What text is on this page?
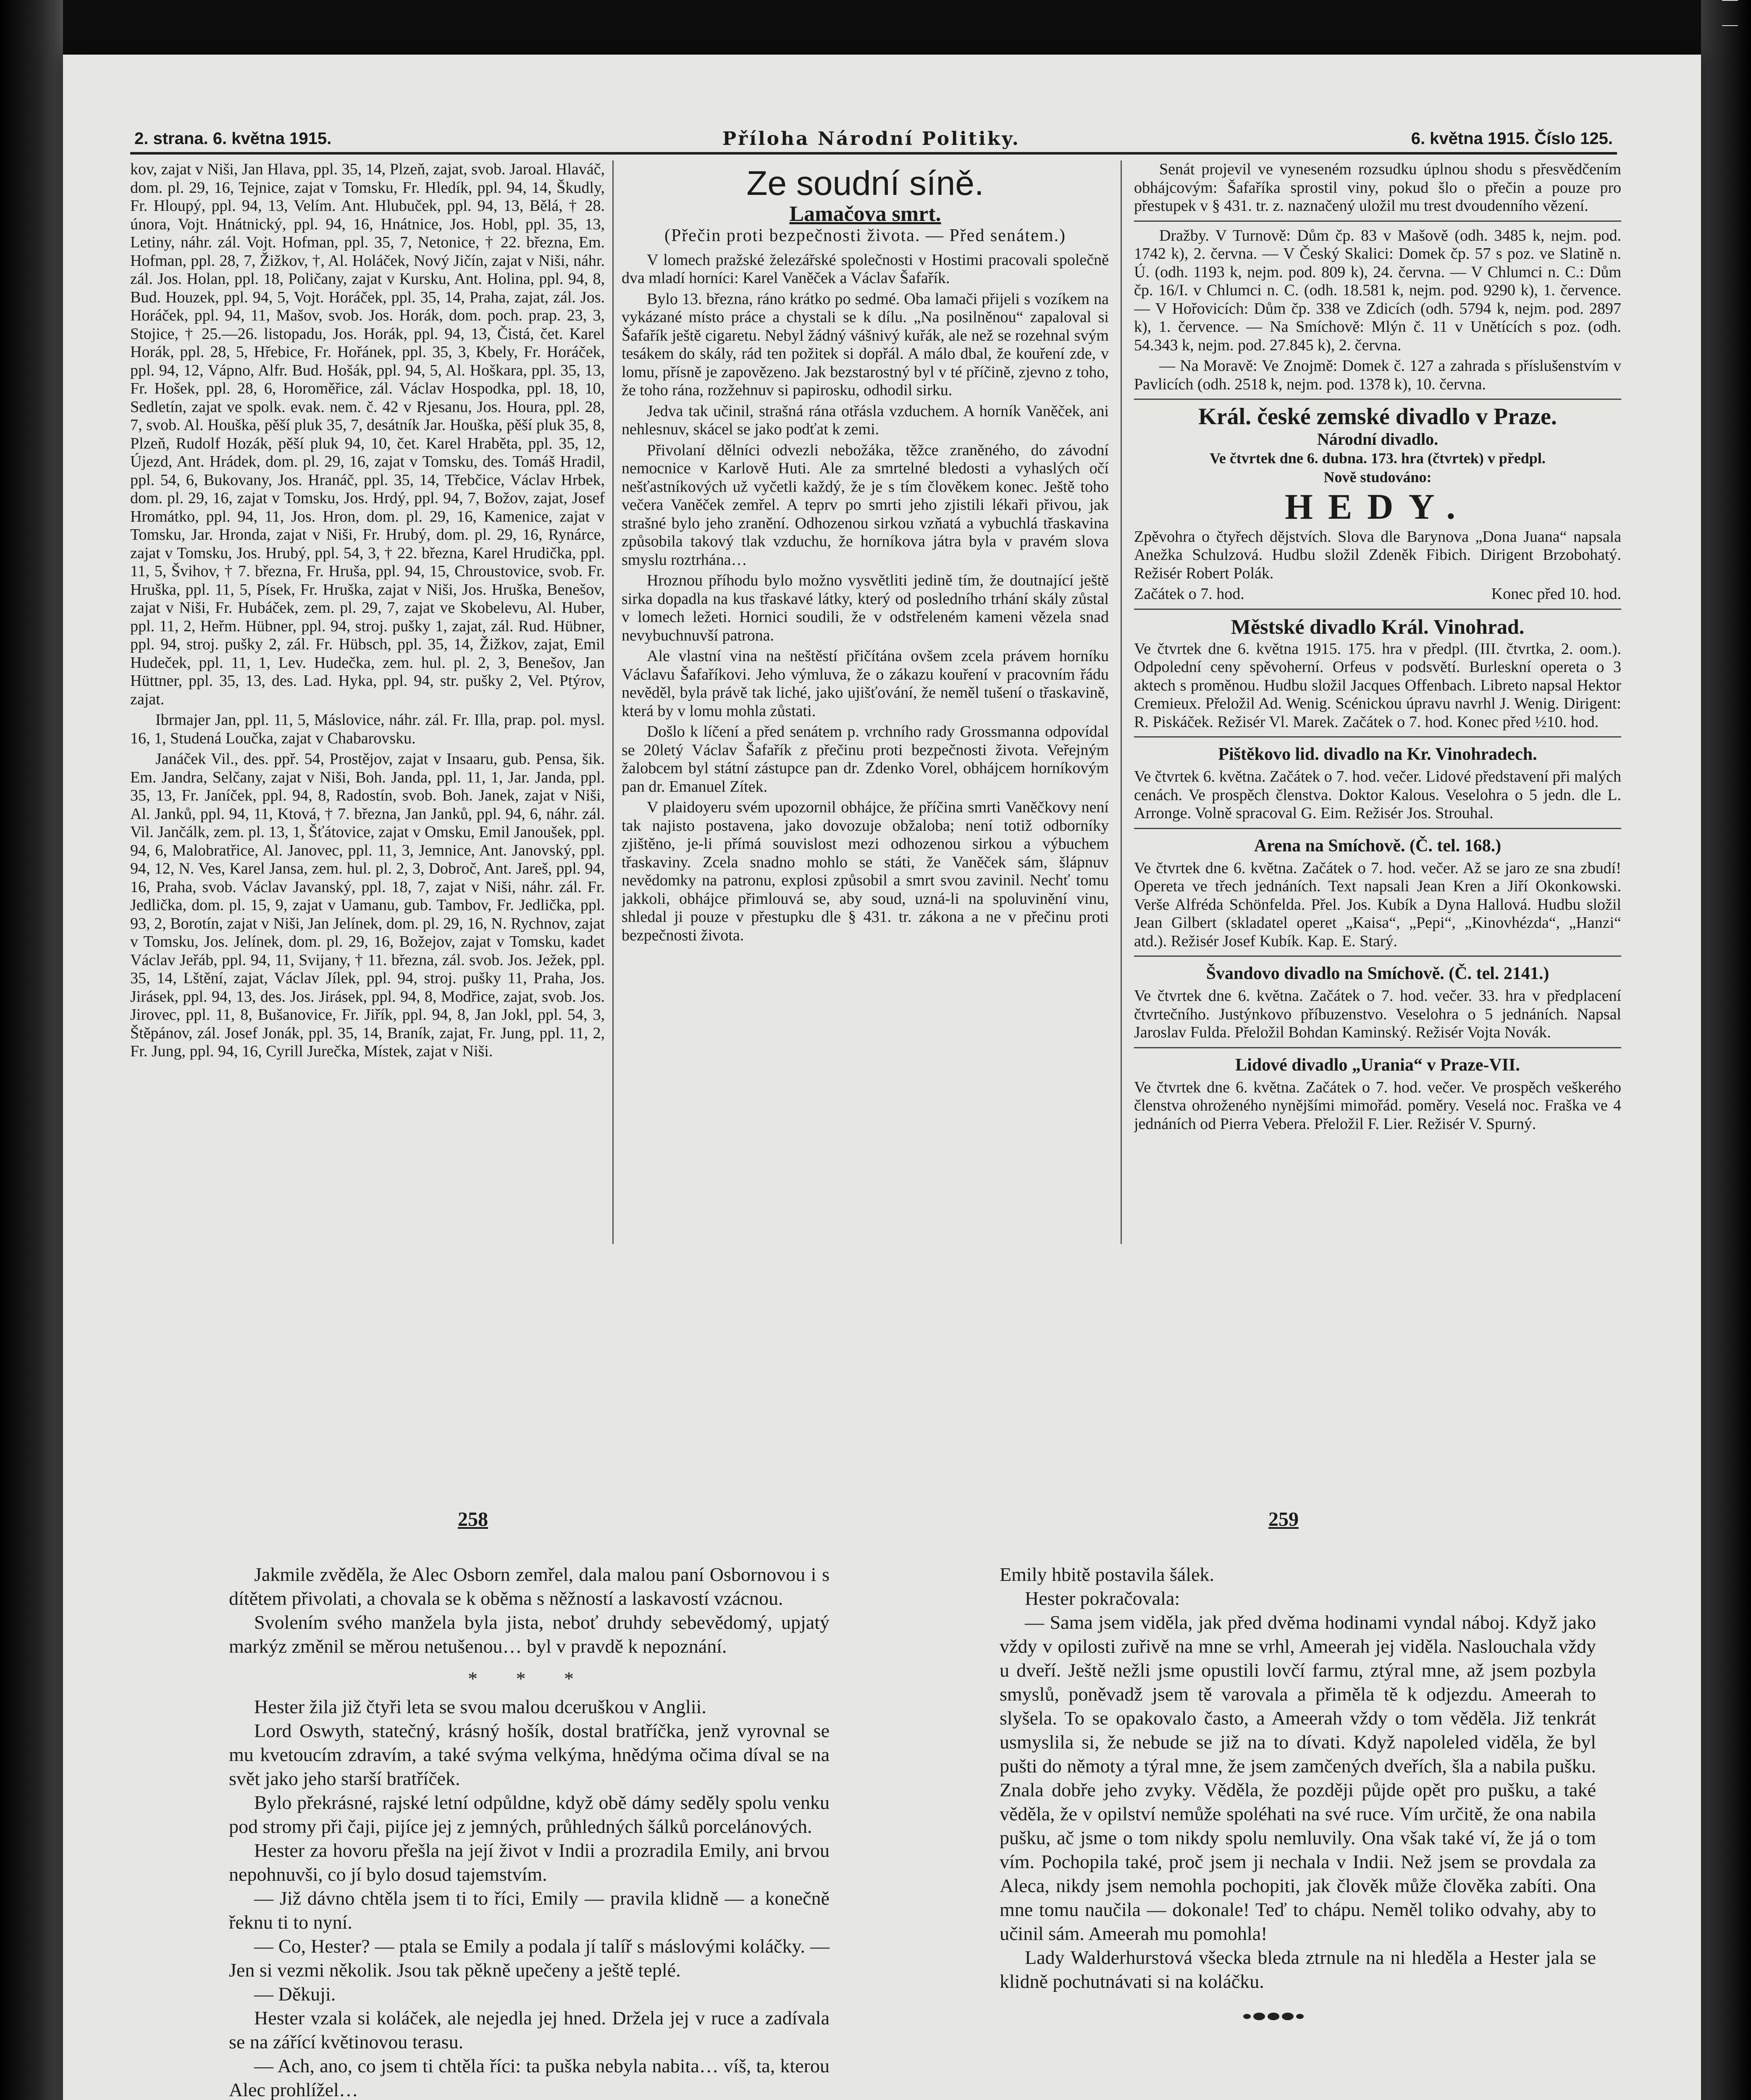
2. strana. 6. května 1915.	Příloha Národní Politiky.	6. května 1915. Číslo 125.

kov, zajat v Niši, Jan Hlava, ppl. 35, 14, Plzeň, zajat, svob. Jaroal. Hlaváč, dom. pl. 29, 16, Tejnice, zajat v Tomsku, Fr. Hledík, ppl. 94, 14, Škudly, Fr. Hloupý, ppl. 94, 13, Velím. Ant. Hlubuček, ppl. 94, 13, Bělá, † 28. února, Vojt. Hnátnický, ppl. 94, 16, Hnátnice, Jos. Hobl, ppl. 35, 13, Letiny, náhr. zál. Vojt. Hofman, ppl. 35, 7, Netonice, † 22. března, Em. Hofman, ppl. 28, 7, Žižkov, †, Al. Holáček, Nový Jičín, zajat v Niši, náhr. zál. Jos. Holan, ppl. 18, Poličany, zajat v Kursku, Ant. Holina, ppl. 94, 8, Bud. Houzek, ppl. 94, 5, Vojt. Horáček, ppl. 35, 14, Praha, zajat, zál. Jos. Horáček, ppl. 94, 11, Mašov, svob. Jos. Horák, dom. poch. prap. 23, 3, Stojice, † 25.—26. listopadu, Jos. Horák, ppl. 94, 13, Čistá, čet. Karel Horák, ppl. 28, 5, Hřebice, Fr. Hořánek, ppl. 35, 3, Kbely, Fr. Horáček, ppl. 94, 12, Vápno, Alfr. Bud. Hošák, ppl. 94, 5, Al. Hoškara, ppl. 35, 13, Fr. Hošek, ppl. 28, 6, Horoměřice, zál. Václav Hospodka, ppl. 18, 10, Sedletín, zajat ve spolk. evak. nem. č. 42 v Rjesanu, Jos. Houra, ppl. 28, 7, svob. Al. Houška, pěší pluk 35, 7, desátník Jar. Houška, pěší pluk 35, 8, Plzeň, Rudolf Hozák, pěší pluk 94, 10, čet. Karel Hraběta, ppl. 35, 12, Újezd, Ant. Hrádek, dom. pl. 29, 16, zajat v Tomsku, des. Tomáš Hradil, ppl. 54, 6, Bukovany, Jos. Hranáč, ppl. 35, 14, Třebčice, Václav Hrbek, dom. pl. 29, 16, zajat v Tomsku, Jos. Hrdý, ppl. 94, 7, Božov, zajat, Josef Hromátko, ppl. 94, 11, Jos. Hron, dom. pl. 29, 16, Kamenice, zajat v Tomsku, Jar. Hronda, zajat v Niši, Fr. Hrubý, dom. pl. 29, 16, Rynárce, zajat v Tomsku, Jos. Hrubý, ppl. 54, 3, † 22. března, Karel Hrudička, ppl. 11, 5, Švihov, † 7. března, Fr. Hruša, ppl. 94, 15, Chroustovice, svob. Fr. Hruška, ppl. 11, 5, Písek, Fr. Hruška, zajat v Niši, Jos. Hruška, Benešov, zajat v Niši, Fr. Hubáček, zem. pl. 29, 7, zajat ve Skobelevu, Al. Huber, ppl. 11, 2, Heřm. Hübner, ppl. 94, stroj. pušky 1, zajat, zál. Rud. Hübner, ppl. 94, stroj. pušky 2, zál. Fr. Hübsch, ppl. 35, 14, Žižkov, zajat, Emil Hudeček, ppl. 11, 1, Lev. Hudečka, zem. hul. pl. 2, 3, Benešov, Jan Hüttner, ppl. 35, 13, des. Lad. Hyka, ppl. 94, str. pušky 2, Vel. Ptýrov, zajat.

Ibrmajer Jan, ppl. 11, 5, Máslovice, náhr. zál. Fr. Illa, prap. pol. mysl. 16, 1, Studená Loučka, zajat v Chabarovsku.

Janáček Vil., des. ppř. 54, Prostějov, zajat v Insaaru, gub. Pensa, šik. Em. Jandra, Selčany, zajat v Niši, Boh. Janda, ppl. 11, 1, Jar. Janda, ppl. 35, 13, Fr. Janíček, ppl. 94, 8, Radostín, svob. Boh. Janek, zajat v Niši, Al. Janků, ppl. 94, 11, Ktová, † 7. března, Jan Janků, ppl. 94, 6, náhr. zál. Vil. Jančálk, zem. pl. 13, 1, Šťátovice, zajat v Omsku, Emil Janoušek, ppl. 94, 6, Malobratřice, Al. Janovec, ppl. 11, 3, Jemnice, Ant. Janovský, ppl. 94, 12, N. Ves, Karel Jansa, zem. hul. pl. 2, 3, Dobroč, Ant. Jareš, ppl. 94, 16, Praha, svob. Václav Javanský, ppl. 18, 7, zajat v Niši, náhr. zál. Fr. Jedlička, dom. pl. 15, 9, zajat v Uamanu, gub. Tambov, Fr. Jedlička, ppl. 93, 2, Borotín, zajat v Niši, Jan Jelínek, dom. pl. 29, 16, N. Rychnov, zajat v Tomsku, Jos. Jelínek, dom. pl. 29, 16, Božejov, zajat v Tomsku, kadet Václav Jeřáb, ppl. 94, 11, Svijany, † 11. března, zál. svob. Jos. Ježek, ppl. 35, 14, Lštění, zajat, Václav Jílek, ppl. 94, stroj. pušky 11, Praha, Jos. Jirásek, ppl. 94, 13, des. Jos. Jirásek, ppl. 94, 8, Modřice, zajat, svob. Jos. Jirovec, ppl. 11, 8, Bušanovice, Fr. Jiřík, ppl. 94, 8, Jan Jokl, ppl. 54, 3, Štěpánov, zál. Josef Jonák, ppl. 35, 14, Braník, zajat, Fr. Jung, ppl. 11, 2, Fr. Jung, ppl. 94, 16, Cyrill Jurečka, Místek, zajat v Niši.

Ze soudní síně.
Lamačova smrt.
(Přečin proti bezpečnosti života. — Před senátem.)

V lomech pražské železářské společnosti v Hostimi pracovali společně dva mladí horníci: Karel Vaněček a Václav Šafařík.

Bylo 13. března, ráno krátko po sedmé. Oba lamači přijeli s vozíkem na vykázané místo práce a chystali se k dílu. „Na posilněnou“ zapaloval si Šafařík ještě cigaretu. Nebyl žádný vášnivý kuřák, ale než se rozehnal svým tesákem do skály, rád ten požitek si dopřál. A málo dbal, že kouření zde, v lomu, přísně je zapovězeno. Jak bezstarostný byl v té příčině, zjevno z toho, že toho rána, rozžehnuv si papirosku, odhodil sirku.

Jedva tak učinil, strašná rána otřásla vzduchem. A horník Vaněček, ani nehlesnuv, skácel se jako podťat k zemi.

Přivolaní dělníci odvezli nebožáka, těžce zraněného, do závodní nemocnice v Karlově Huti. Ale za smrtelné bledosti a vyhaslých očí nešťastníkových už vyčetli každý, že je s tím člověkem konec. Ještě toho večera Vaněček zemřel. A teprv po smrti jeho zjistili lékaři přivou, jak strašné bylo jeho zranění. Odhozenou sirkou vzňatá a vybuchlá třaskavina způsobila takový tlak vzduchu, že horníkova játra byla v pravém slova smyslu roztrhána…

Hroznou příhodu bylo možno vysvětliti jedině tím, že doutnající ještě sirka dopadla na kus třaskavé látky, který od posledního trhání skály zůstal v lomech ležeti. Hornici soudili, že v odstřeleném kameni vězela snad nevybuchnuvší patrona.

Ale vlastní vina na neštěstí přičítána ovšem zcela právem horníku Václavu Šafaříkovi. Jeho výmluva, že o zákazu kouření v pracovním řádu nevěděl, byla právě tak liché, jako ujišťování, že neměl tušení o třaskavině, která by v lomu mohla zůstati.

Došlo k líčení a před senátem p. vrchního rady Grossmanna odpovídal se 20letý Václav Šafařík z přečinu proti bezpečnosti života. Veřejným žalobcem byl státní zástupce pan dr. Zdenko Vorel, obhájcem horníkovým pan dr. Emanuel Zítek.

V plaidoyeru svém upozornil obhájce, že příčina smrti Vaněčkovy není tak najisto postavena, jako dovozuje obžaloba; není totiž odborníky zjištěno, je-li přímá souvislost mezi odhozenou sirkou a výbuchem třaskaviny. Zcela snadno mohlo se státi, že Vaněček sám, šlápnuv nevědomky na patronu, explosi způsobil a smrt svou zavinil. Nechť tomu jakkoli, obhájce přimlouvá se, aby soud, uzná-li na spoluvinění vinu, shledal ji pouze v přestupku dle § 431. tr. zákona a ne v přečinu proti bezpečnosti života.

Senát projevil ve vyneseném rozsudku úplnou shodu s přesvědčením obhájcovým: Šafaříka sprostil viny, pokud šlo o přečin a pouze pro přestupek v § 431. tr. z. naznačený uložil mu trest dvoudenního vězení.

Dražby. V Turnově: Dům čp. 83 v Mašově (odh. 3485 k, nejm. pod. 1742 k), 2. června. — V Český Skalici: Domek čp. 57 s poz. ve Slatině n. Ú. (odh. 1193 k, nejm. pod. 809 k), 24. června. — V Chlumci n. C.: Dům čp. 16/I. v Chlumci n. C. (odh. 18.581 k, nejm. pod. 9290 k), 1. července. — V Hořovicích: Dům čp. 338 ve Zdicích (odh. 5794 k, nejm. pod. 2897 k), 1. července. — Na Smíchově: Mlýn č. 11 v Unětících s poz. (odh. 54.343 k, nejm. pod. 27.845 k), 2. června.

— Na Moravě: Ve Znojmě: Domek č. 127 a zahrada s příslušenstvím v Pavlicích (odh. 2518 k, nejm. pod. 1378 k), 10. června.

Král. české zemské divadlo v Praze.
Národní divadlo.
Ve čtvrtek dne 6. dubna. 173. hra (čtvrtek) v předpl.
Nově studováno:
HEDY.

Zpěvohra o čtyřech dějstvích. Slova dle Barynova „Dona Juana“ napsala Anežka Schulzová. Hudbu složil Zdeněk Fibich. Dirigent Brzobohatý. Režisér Robert Polák.

Začátek o 7. hod.	Konec před 10. hod.
Městské divadlo Král. Vinohrad.

Ve čtvrtek dne 6. května 1915. 175. hra v předpl. (III. čtvrtka, 2. oom.). Odpolední ceny spěvoherní. Orfeus v podsvětí. Burleskní opereta o 3 aktech s proměnou. Hudbu složil Jacques Offenbach. Libreto napsal Hektor Cremieux. Přeložil Ad. Wenig. Scénickou úpravu navrhl J. Wenig. Dirigent: R. Piskáček. Režisér Vl. Marek. Začátek o 7. hod. Konec před ½10. hod.

Pištěkovo lid. divadlo na Kr. Vinohradech.

Ve čtvrtek 6. května. Začátek o 7. hod. večer. Lidové představení při malých cenách. Ve prospěch členstva. Doktor Kalous. Veselohra o 5 jedn. dle L. Arronge. Volně spracoval G. Eim. Režisér Jos. Strouhal.

Arena na Smíchově. (Č. tel. 168.)

Ve čtvrtek dne 6. května. Začátek o 7. hod. večer. Až se jaro ze sna zbudí! Opereta ve třech jednáních. Text napsali Jean Kren a Jiří Okonkowski. Verše Alfréda Schönfelda. Přel. Jos. Kubík a Dyna Hallová. Hudbu složil Jean Gilbert (skladatel operet „Kaisa“, „Pepi“, „Kinovhézda“, „Hanzi“ atd.). Režisér Josef Kubík. Kap. E. Starý.

Švandovo divadlo na Smíchově. (Č. tel. 2141.)

Ve čtvrtek dne 6. května. Začátek o 7. hod. večer. 33. hra v předplacení čtvrtečního. Justýnkovo příbuzenstvo. Veselohra o 5 jednáních. Napsal Jaroslav Fulda. Přeložil Bohdan Kaminský. Režisér Vojta Novák.

Lidové divadlo „Urania“ v Praze-VII.

Ve čtvrtek dne 6. května. Začátek o 7. hod. večer. Ve prospěch veškerého členstva ohroženého nynějšími mimořád. poměry. Veselá noc. Fraška ve 4 jednáních od Pierra Vebera. Přeložil F. Lier. Režisér V. Spurný.

258	259

Jakmile zvěděla, že Alec Osborn zemřel, dala malou paní Osbornovou i s dítětem přivolati, a chovala se k oběma s něžností a laskavostí vzácnou.

Svolením svého manžela byla jista, neboť druhdy sebevědomý, upjatý markýz změnil se měrou netušenou… byl v pravdě k nepoznání.

* * *

Hester žila již čtyři leta se svou malou dceruškou v Anglii.

Lord Oswyth, statečný, krásný hošík, dostal bratříčka, jenž vyrovnal se mu kvetoucím zdravím, a také svýma velkýma, hnědýma očima díval se na svět jako jeho starší bratříček.

Bylo překrásné, rajské letní odpůldne, když obě dámy seděly spolu venku pod stromy při čaji, pijíce jej z jemných, průhledných šálků porcelánových.

Hester za hovoru přešla na její život v Indii a prozradila Emily, ani brvou nepohnuvši, co jí bylo dosud tajemstvím.

— Již dávno chtěla jsem ti to říci, Emily — pravila klidně — a konečně řeknu ti to nyní.

— Co, Hester? — ptala se Emily a podala jí talíř s máslovými koláčky. — Jen si vezmi několik. Jsou tak pěkně upečeny a ještě teplé.

— Děkuji.

Hester vzala si koláček, ale nejedla jej hned. Držela jej v ruce a zadívala se na zářící květinovou terasu.

— Ach, ano, co jsem ti chtěla říci: ta puška nebyla nabita… víš, ta, kterou Alec prohlížel…

Emily hbitě postavila šálek.

Hester pokračovala:

— Sama jsem viděla, jak před dvěma hodinami vyndal náboj. Když jako vždy v opilosti zuřivě na mne se vrhl, Ameerah jej viděla. Naslouchala vždy u dveří. Ještě nežli jsme opustili lovčí farmu, ztýral mne, až jsem pozbyla smyslů, poněvadž jsem tě varovala a přiměla tě k odjezdu. Ameerah to slyšela. To se opakovalo často, a Ameerah vždy o tom věděla. Již tenkrát usmyslila si, že nebude se již na to dívati. Když napoleled viděla, že byl pušti do němoty a týral mne, že jsem zamčených dveřích, šla a nabila pušku. Znala dobře jeho zvyky. Věděla, že později půjde opět pro pušku, a také věděla, že v opilství nemůže spoléhati na své ruce. Vím určitě, že ona nabila pušku, ač jsme o tom nikdy spolu nemluvily. Ona však také ví, že já o tom vím. Pochopila také, proč jsem ji nechala v Indii. Než jsem se provdala za Aleca, nikdy jsem nemohla pochopiti, jak člověk může člověka zabíti. Ona mne tomu naučila — dokonale! Teď to chápu. Neměl toliko odvahy, aby to učinil sám. Ameerah mu pomohla!

Lady Walderhurstová všecka bleda ztrnule na ni hleděla a Hester jala se klidně pochutnávati si na koláčku.
